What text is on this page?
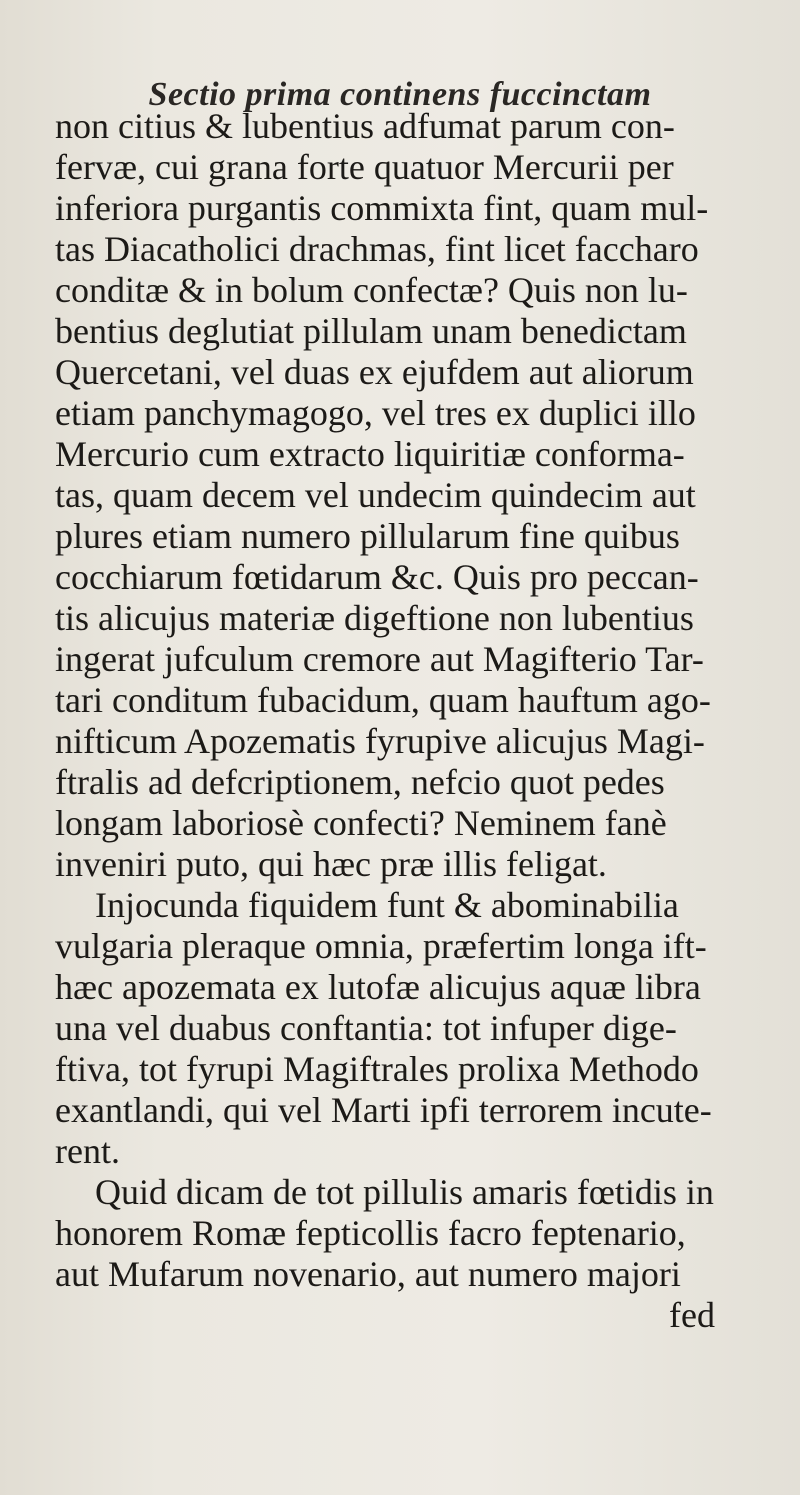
Sectio prima continens fuccinctam
non citius & lubentius adfumat parum con-
fervæ, cui grana forte quatuor Mercurii per
inferiora purgantis commixta fint, quam mul-
tas Diacatholici drachmas, fint licet faccharo
conditæ & in bolum confectæ? Quis non lu-
bentius deglutiat pillulam unam benedictam
Quercetani, vel duas ex ejufdem aut aliorum
etiam panchymagogo, vel tres ex duplici illo
Mercurio cum extracto liquiritiæ conforma-
tas, quam decem vel undecim quindecim aut
plures etiam numero pillularum fine quibus
cocchiarum fœtidarum &c. Quis pro peccan-
tis alicujus materiæ digeftione non lubentius
ingerat jufculum cremore aut Magifterio Tar-
tari conditum fubacidum, quam hauftum ago-
nifticum Apozematis fyrupive alicujus Magi-
ftralis ad defcriptionem, nefcio quot pedes
longam laboriosè confecti? Neminem fanè
inveniri puto, qui hæc præ illis feligat.
Injocunda fiquidem funt & abominabilia
vulgaria pleraque omnia, præfertim longa ift-
hæc apozemata ex lutofæ alicujus aquæ libra
una vel duabus conftantia: tot infuper dige-
ftiva, tot fyrupi Magiftrales prolixa Methodo
exantlandi, qui vel Marti ipfi terrorem incute-
rent.
Quid dicam de tot pillulis amaris fœtidis in
honorem Romæ fepticollis facro feptenario,
aut Mufarum novenario, aut numero majori
fed
